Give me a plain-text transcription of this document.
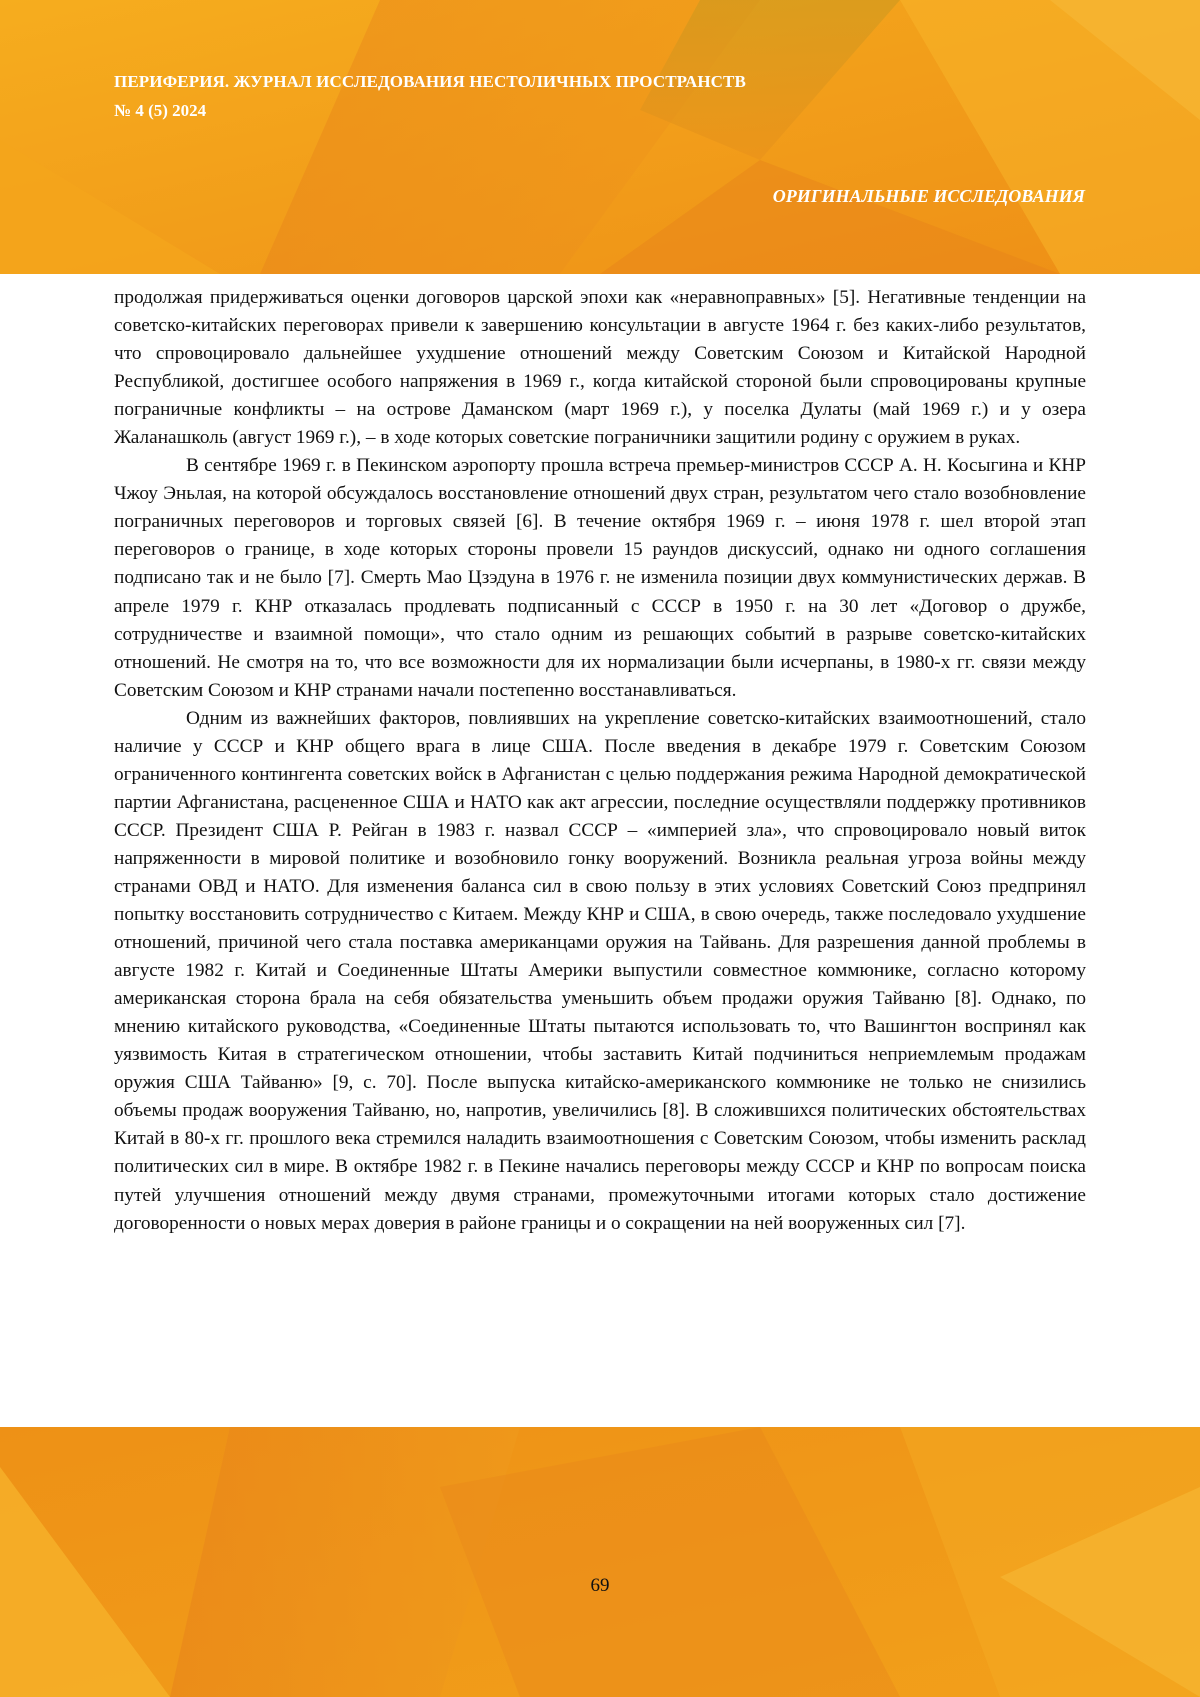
ПЕРИФЕРИЯ. ЖУРНАЛ ИССЛЕДОВАНИЯ НЕСТОЛИЧНЫХ ПРОСТРАНСТВ
№ 4 (5) 2024
ОРИГИНАЛЬНЫЕ ИССЛЕДОВАНИЯ

продолжая придерживаться оценки договоров царской эпохи как «неравноправных» [5]. Негативные тенденции на советско-китайских переговорах привели к завершению консультации в августе 1964 г. без каких-либо результатов, что спровоцировало дальнейшее ухудшение отношений между Советским Союзом и Китайской Народной Республикой, достигшее особого напряжения в 1969 г., когда китайской стороной были спровоцированы крупные пограничные конфликты – на острове Даманском (март 1969 г.), у поселка Дулаты (май 1969 г.) и у озера Жаланашколь (август 1969 г.), – в ходе которых советские пограничники защитили родину с оружием в руках.

В сентябре 1969 г. в Пекинском аэропорту прошла встреча премьер-министров СССР А. Н. Косыгина и КНР Чжоу Эньлая, на которой обсуждалось восстановление отношений двух стран, результатом чего стало возобновление пограничных переговоров и торговых связей [6]. В течение октября 1969 г. – июня 1978 г. шел второй этап переговоров о границе, в ходе которых стороны провели 15 раундов дискуссий, однако ни одного соглашения подписано так и не было [7]. Смерть Мао Цзэдуна в 1976 г. не изменила позиции двух коммунистических держав. В апреле 1979 г. КНР отказалась продлевать подписанный с СССР в 1950 г. на 30 лет «Договор о дружбе, сотрудничестве и взаимной помощи», что стало одним из решающих событий в разрыве советско-китайских отношений. Не смотря на то, что все возможности для их нормализации были исчерпаны, в 1980-х гг. связи между Советским Союзом и КНР странами начали постепенно восстанавливаться.

Одним из важнейших факторов, повлиявших на укрепление советско-китайских взаимоотношений, стало наличие у СССР и КНР общего врага в лице США. После введения в декабре 1979 г. Советским Союзом ограниченного контингента советских войск в Афганистан с целью поддержания режима Народной демократической партии Афганистана, расцененное США и НАТО как акт агрессии, последние осуществляли поддержку противников СССР. Президент США Р. Рейган в 1983 г. назвал СССР – «империей зла», что спровоцировало новый виток напряженности в мировой политике и возобновило гонку вооружений. Возникла реальная угроза войны между странами ОВД и НАТО. Для изменения баланса сил в свою пользу в этих условиях Советский Союз предпринял попытку восстановить сотрудничество с Китаем. Между КНР и США, в свою очередь, также последовало ухудшение отношений, причиной чего стала поставка американцами оружия на Тайвань. Для разрешения данной проблемы в августе 1982 г. Китай и Соединенные Штаты Америки выпустили совместное коммюнике, согласно которому американская сторона брала на себя обязательства уменьшить объем продажи оружия Тайваню [8]. Однако, по мнению китайского руководства, «Соединенные Штаты пытаются использовать то, что Вашингтон воспринял как уязвимость Китая в стратегическом отношении, чтобы заставить Китай подчиниться неприемлемым продажам оружия США Тайваню» [9, с. 70]. После выпуска китайско-американского коммюнике не только не снизились объемы продаж вооружения Тайваню, но, напротив, увеличились [8]. В сложившихся политических обстоятельствах Китай в 80-х гг. прошлого века стремился наладить взаимоотношения с Советским Союзом, чтобы изменить расклад политических сил в мире. В октябре 1982 г. в Пекине начались переговоры между СССР и КНР по вопросам поиска путей улучшения отношений между двумя странами, промежуточными итогами которых стало достижение договоренности о новых мерах доверия в районе границы и о сокращении на ней вооруженных сил [7].

69
